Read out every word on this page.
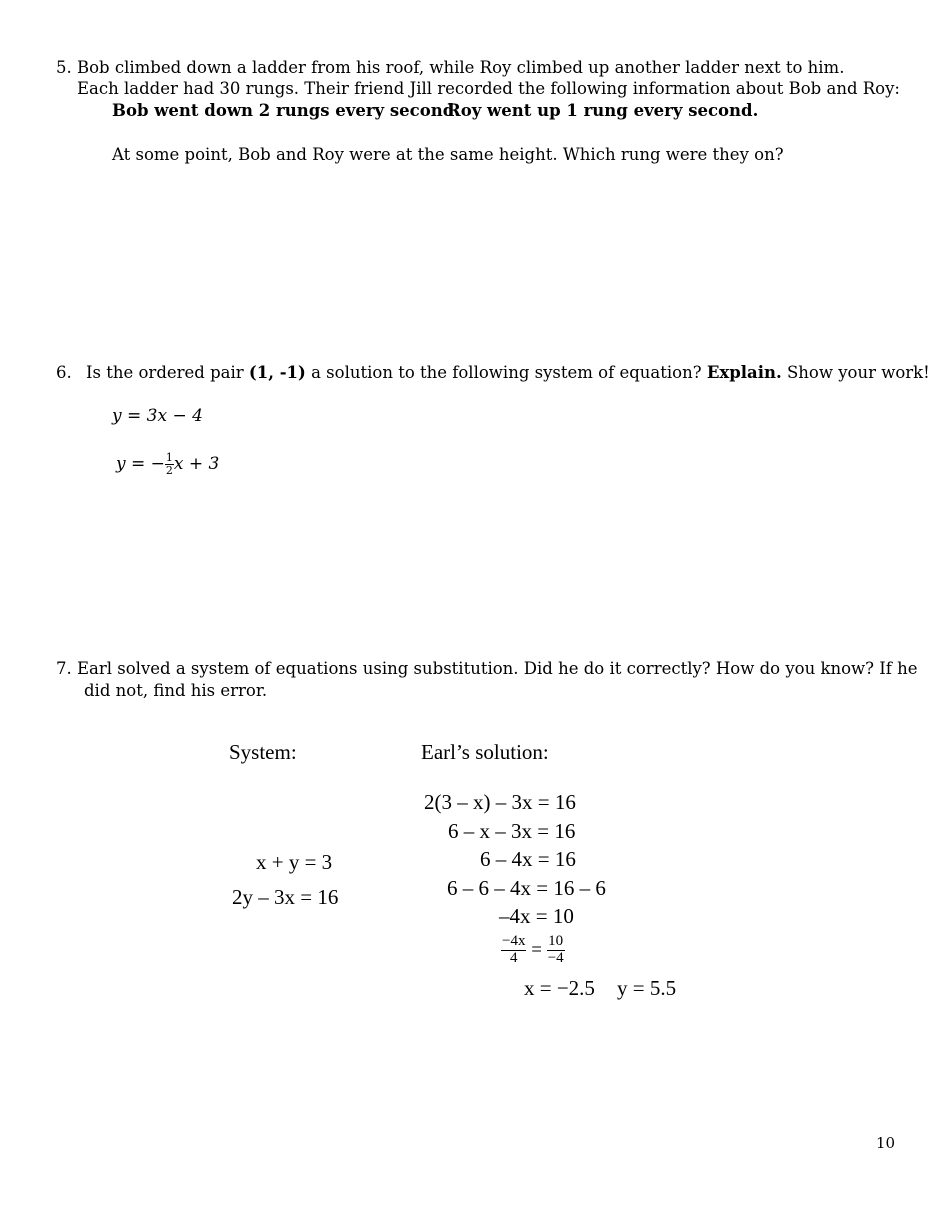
5. Bob climbed down a ladder from his roof, while Roy climbed up another ladder next to him.
Each ladder had 30 rungs. Their friend Jill recorded the following information about Bob and Roy:
Bob went down 2 rungs every second.
Roy went up 1 rung every second.
At some point, Bob and Roy were at the same height. Which rung were they on?
6. Is the ordered pair (1, -1) a solution to the following system of equation? Explain. Show your work!
y = 3x − 4
y = − $\frac{1}{2}$ x + 3
7. Earl solved a system of equations using substitution. Did he do it correctly? How do you know? If he
did not, find his error.
System:	Earl’s solution:
x + y = 3
2y – 3x = 16
2(3 – x) – 3x = 16
6 – x – 3x = 16
6 – 4x = 16
6 – 6 – 4x = 16 – 6
–4x = 10
$\frac{-4x}{4} = \frac{10}{-4}$
x = −2.5 y = 5.5
10
